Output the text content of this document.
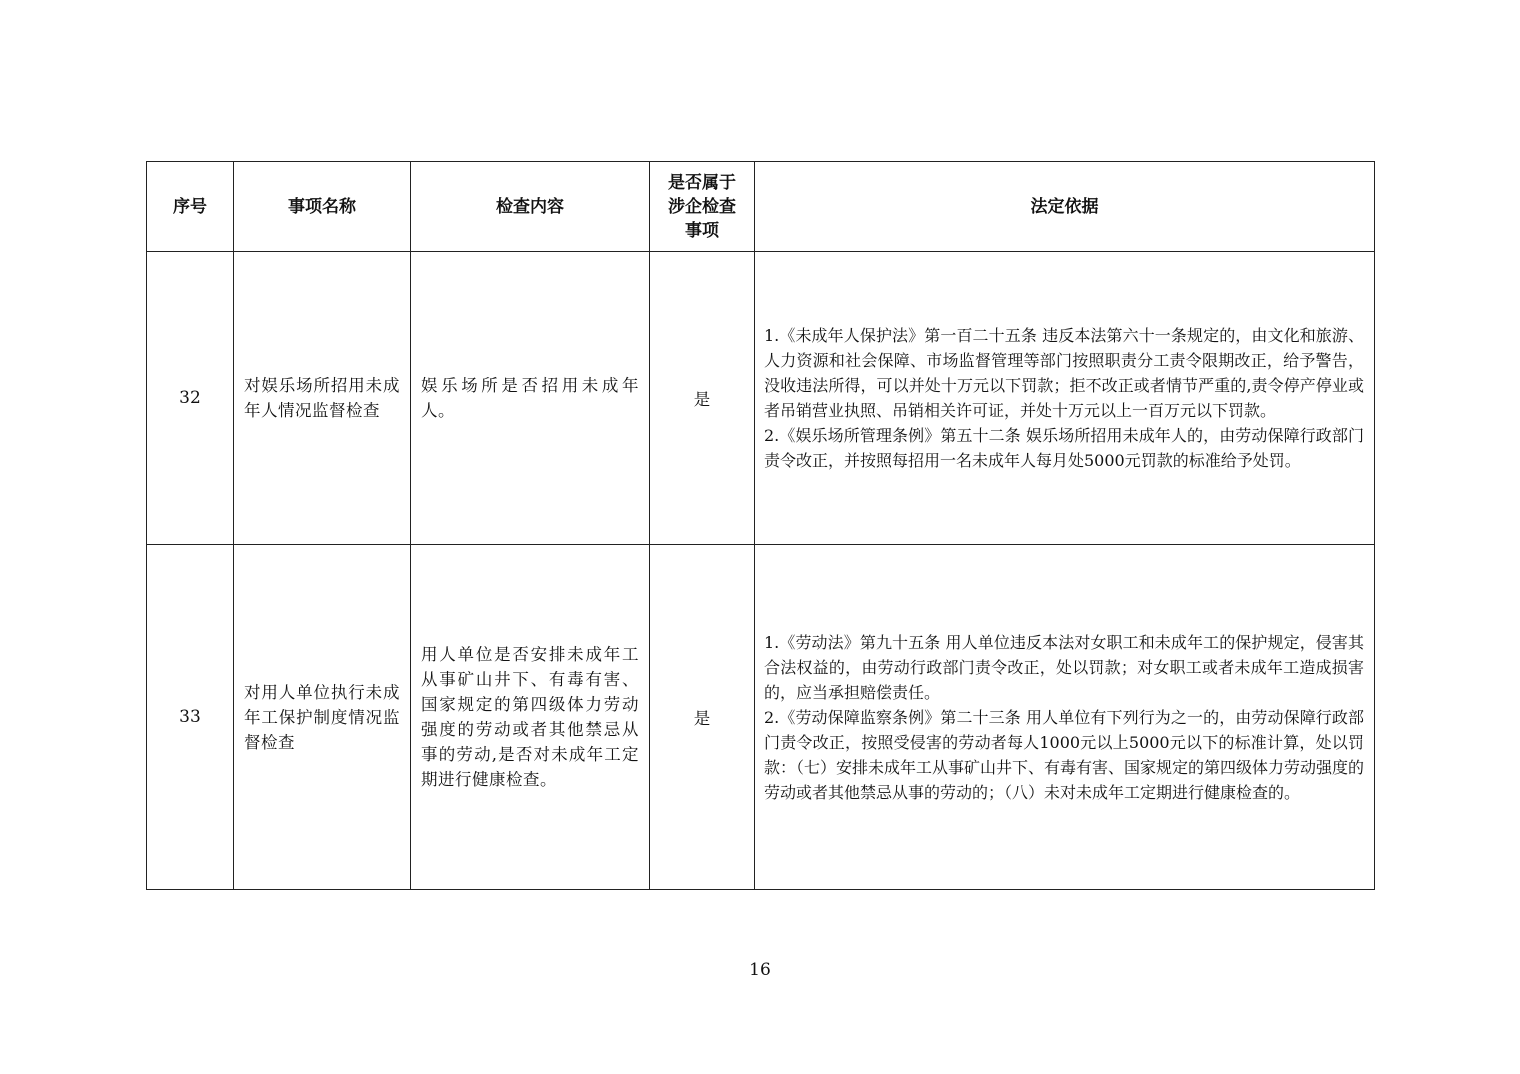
序号	事项名称	检查内容	是否属于涉企检查事项	法定依据
32	对娱乐场所招用未成年人情况监督检查	娱乐场所是否招用未成年人。	是	1.《未成年人保护法》第一百二十五条 违反本法第六十一条规定的，由文化和旅游、人力资源和社会保障、市场监督管理等部门按照职责分工责令限期改正，给予警告，没收违法所得，可以并处十万元以下罚款；拒不改正或者情节严重的,责令停产停业或者吊销营业执照、吊销相关许可证，并处十万元以上一百万元以下罚款。
2.《娱乐场所管理条例》第五十二条 娱乐场所招用未成年人的，由劳动保障行政部门责令改正，并按照每招用一名未成年人每月处5000元罚款的标准给予处罚。

33	对用人单位执行未成年工保护制度情况监督检查	用人单位是否安排未成年工从事矿山井下、有毒有害、国家规定的第四级体力劳动强度的劳动或者其他禁忌从事的劳动,是否对未成年工定期进行健康检查。	是	1.《劳动法》第九十五条 用人单位违反本法对女职工和未成年工的保护规定，侵害其合法权益的，由劳动行政部门责令改正，处以罚款；对女职工或者未成年工造成损害的，应当承担赔偿责任。
2.《劳动保障监察条例》第二十三条 用人单位有下列行为之一的，由劳动保障行政部门责令改正，按照受侵害的劳动者每人1000元以上5000元以下的标准计算，处以罚款：（七）安排未成年工从事矿山井下、有毒有害、国家规定的第四级体力劳动强度的劳动或者其他禁忌从事的劳动的；（八）未对未成年工定期进行健康检查的。
16
